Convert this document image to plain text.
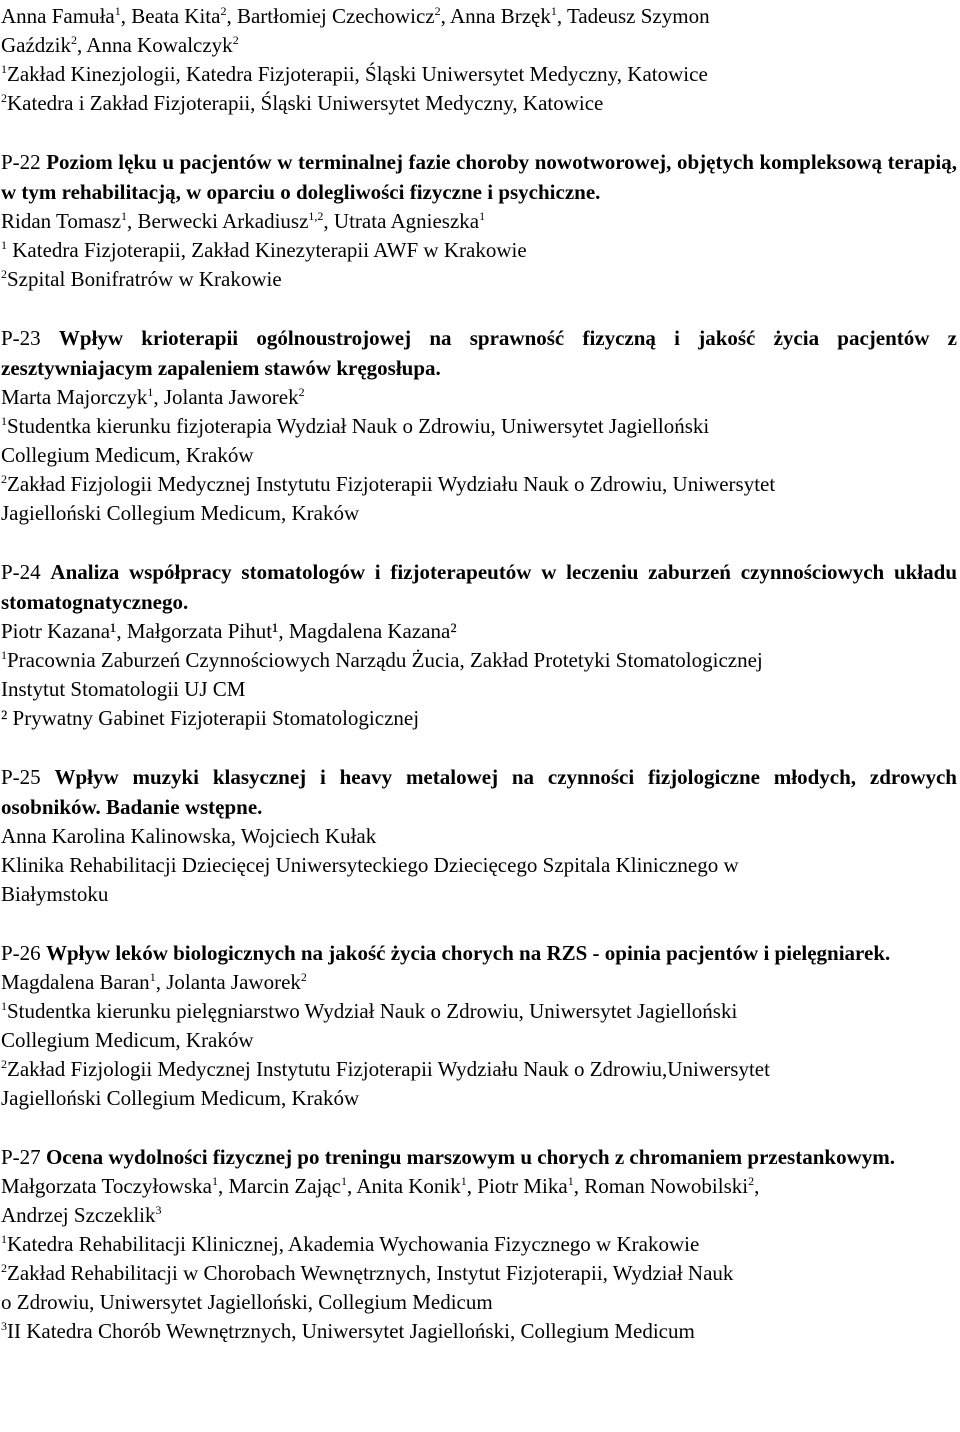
Anna Famuła$^1$, Beata Kita$^2$, Bartłomiej Czechowicz$^2$, Anna Brzęk$^1$, Tadeusz Szymon
Gaździk$^2$, Anna Kowalczyk$^2$
$^1$Zakład Kinezjologii, Katedra Fizjoterapii, Śląski Uniwersytet Medyczny, Katowice
$^2$Katedra i Zakład Fizjoterapii, Śląski Uniwersytet Medyczny, Katowice
P-22 Poziom lęku u pacjentów w terminalnej fazie choroby nowotworowej, objętych kompleksową terapią, w tym rehabilitacją, w oparciu o dolegliwości fizyczne i psychiczne.
Ridan Tomasz$^1$, Berwecki Arkadiusz$^{1,2}$, Utrata Agnieszka$^1$
$^1$ Katedra Fizjoterapii, Zakład Kinezyterapii AWF w Krakowie
$^2$Szpital Bonifratrów w Krakowie
P-23 Wpływ krioterapii ogólnoustrojowej na sprawność fizyczną i jakość życia pacjentów z zesztywniajacym zapaleniem stawów kręgosłupa.
Marta Majorczyk$^1$, Jolanta Jaworek$^2$
$^1$Studentka kierunku fizjoterapia Wydział Nauk o Zdrowiu, Uniwersytet Jagielloński
Collegium Medicum, Kraków
$^2$Zakład Fizjologii Medycznej Instytutu Fizjoterapii Wydziału Nauk o Zdrowiu, Uniwersytet
Jagielloński Collegium Medicum, Kraków
P-24 Analiza współpracy stomatologów i fizjoterapeutów w leczeniu zaburzeń czynnościowych układu stomatognatycznego.
Piotr Kazana¹, Małgorzata Pihut¹, Magdalena Kazana²
$^1$Pracownia Zaburzeń Czynnościowych Narządu Żucia, Zakład Protetyki Stomatologicznej
Instytut Stomatologii UJ CM
² Prywatny Gabinet Fizjoterapii Stomatologicznej
P-25 Wpływ muzyki klasycznej i heavy metalowej na czynności fizjologiczne młodych, zdrowych osobników. Badanie wstępne.
Anna Karolina Kalinowska, Wojciech Kułak
Klinika Rehabilitacji Dziecięcej Uniwersyteckiego Dziecięcego Szpitala Klinicznego w
Białymstoku
P-26 Wpływ leków biologicznych na jakość życia chorych na RZS - opinia pacjentów i pielęgniarek.
Magdalena Baran$^1$, Jolanta Jaworek$^2$
$^1$Studentka kierunku pielęgniarstwo Wydział Nauk o Zdrowiu, Uniwersytet Jagielloński
Collegium Medicum, Kraków
$^2$Zakład Fizjologii Medycznej Instytutu Fizjoterapii Wydziału Nauk o Zdrowiu,Uniwersytet
Jagielloński Collegium Medicum, Kraków
P-27 Ocena wydolności fizycznej po treningu marszowym u chorych z chromaniem przestankowym.
Małgorzata Toczyłowska$^1$, Marcin Zając$^1$, Anita Konik$^1$, Piotr Mika$^1$, Roman Nowobilski$^2$,
Andrzej Szczeklik$^3$
$^1$Katedra Rehabilitacji Klinicznej, Akademia Wychowania Fizycznego w Krakowie
$^2$Zakład Rehabilitacji w Chorobach Wewnętrznych, Instytut Fizjoterapii, Wydział Nauk
o Zdrowiu, Uniwersytet Jagielloński, Collegium Medicum
$^3$II Katedra Chorób Wewnętrznych, Uniwersytet Jagielloński, Collegium Medicum
